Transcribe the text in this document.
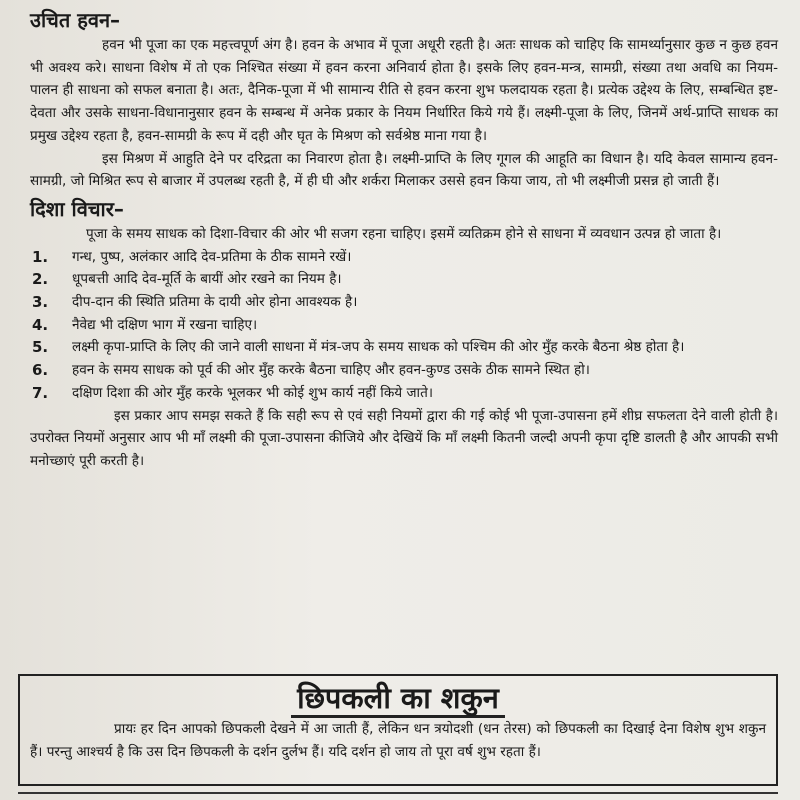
उचित हवन–

हवन भी पूजा का एक महत्त्वपूर्ण अंग है। हवन के अभाव में पूजा अधूरी रहती है। अतः साधक को चाहिए कि सामर्थ्यानुसार कुछ न कुछ हवन भी अवश्य करे। साधना विशेष में तो एक निश्चित संख्या में हवन करना अनिवार्य होता है। इसके लिए हवन-मन्त्र, सामग्री, संख्या तथा अवधि का नियम-पालन ही साधना को सफल बनाता है। अतः, दैनिक-पूजा में भी सामान्य रीति से हवन करना शुभ फलदायक रहता है। प्रत्येक उद्देश्य के लिए, सम्बन्धित इष्ट-देवता और उसके साधना-विधानानुसार हवन के सम्बन्ध में अनेक प्रकार के नियम निर्धारित किये गये हैं। लक्ष्मी-पूजा के लिए, जिनमें अर्थ-प्राप्ति साधक का प्रमुख उद्देश्य रहता है, हवन-सामग्री के रूप में दही और घृत के मिश्रण को सर्वश्रेष्ठ माना गया है।

इस मिश्रण में आहुति देने पर दरिद्रता का निवारण होता है। लक्ष्मी-प्राप्ति के लिए गूगल की आहूति का विधान है। यदि केवल सामान्य हवन-सामग्री, जो मिश्रित रूप से बाजार में उपलब्ध रहती है, में ही घी और शर्करा मिलाकर उससे हवन किया जाय, तो भी लक्ष्मीजी प्रसन्न हो जाती हैं।

दिशा विचार–

पूजा के समय साधक को दिशा-विचार की ओर भी सजग रहना चाहिए। इसमें व्यतिक्रम होने से साधना में व्यवधान उत्पन्न हो जाता है।

1.	गन्ध, पुष्प, अलंकार आदि देव-प्रतिमा के ठीक सामने रखें।
2.	धूपबत्ती आदि देव-मूर्ति के बायीं ओर रखने का नियम है।
3.	दीप-दान की स्थिति प्रतिमा के दायी ओर होना आवश्यक है।
4.	नैवेद्य भी दक्षिण भाग में रखना चाहिए।
5.	लक्ष्मी कृपा-प्राप्ति के लिए की जाने वाली साधना में मंत्र-जप के समय साधक को पश्चिम की ओर मुँह करके बैठना श्रेष्ठ होता है।
6.	हवन के समय साधक को पूर्व की ओर मुँह करके बैठना चाहिए और हवन-कुण्ड उसके ठीक सामने स्थित हो।
7.	दक्षिण दिशा की ओर मुँह करके भूलकर भी कोई शुभ कार्य नहीं किये जाते।

इस प्रकार आप समझ सकते हैं कि सही रूप से एवं सही नियमों द्वारा की गई कोई भी पूजा-उपासना हमें शीघ्र सफलता देने वाली होती है। उपरोक्त नियमों अनुसार आप भी माँ लक्ष्मी की पूजा-उपासना कीजिये और देखियें कि माँ लक्ष्मी कितनी जल्दी अपनी कृपा दृष्टि डालती है और आपकी सभी मनोच्छाएं पूरी करती है।

छिपकली का शकुन

प्रायः हर दिन आपको छिपकली देखने में आ जाती हैं, लेकिन धन त्रयोदशी (धन तेरस) को छिपकली का दिखाई देना विशेष शुभ शकुन हैं। परन्तु आश्चर्य है कि उस दिन छिपकली के दर्शन दुर्लभ हैं। यदि दर्शन हो जाय तो पूरा वर्ष शुभ रहता हैं।
